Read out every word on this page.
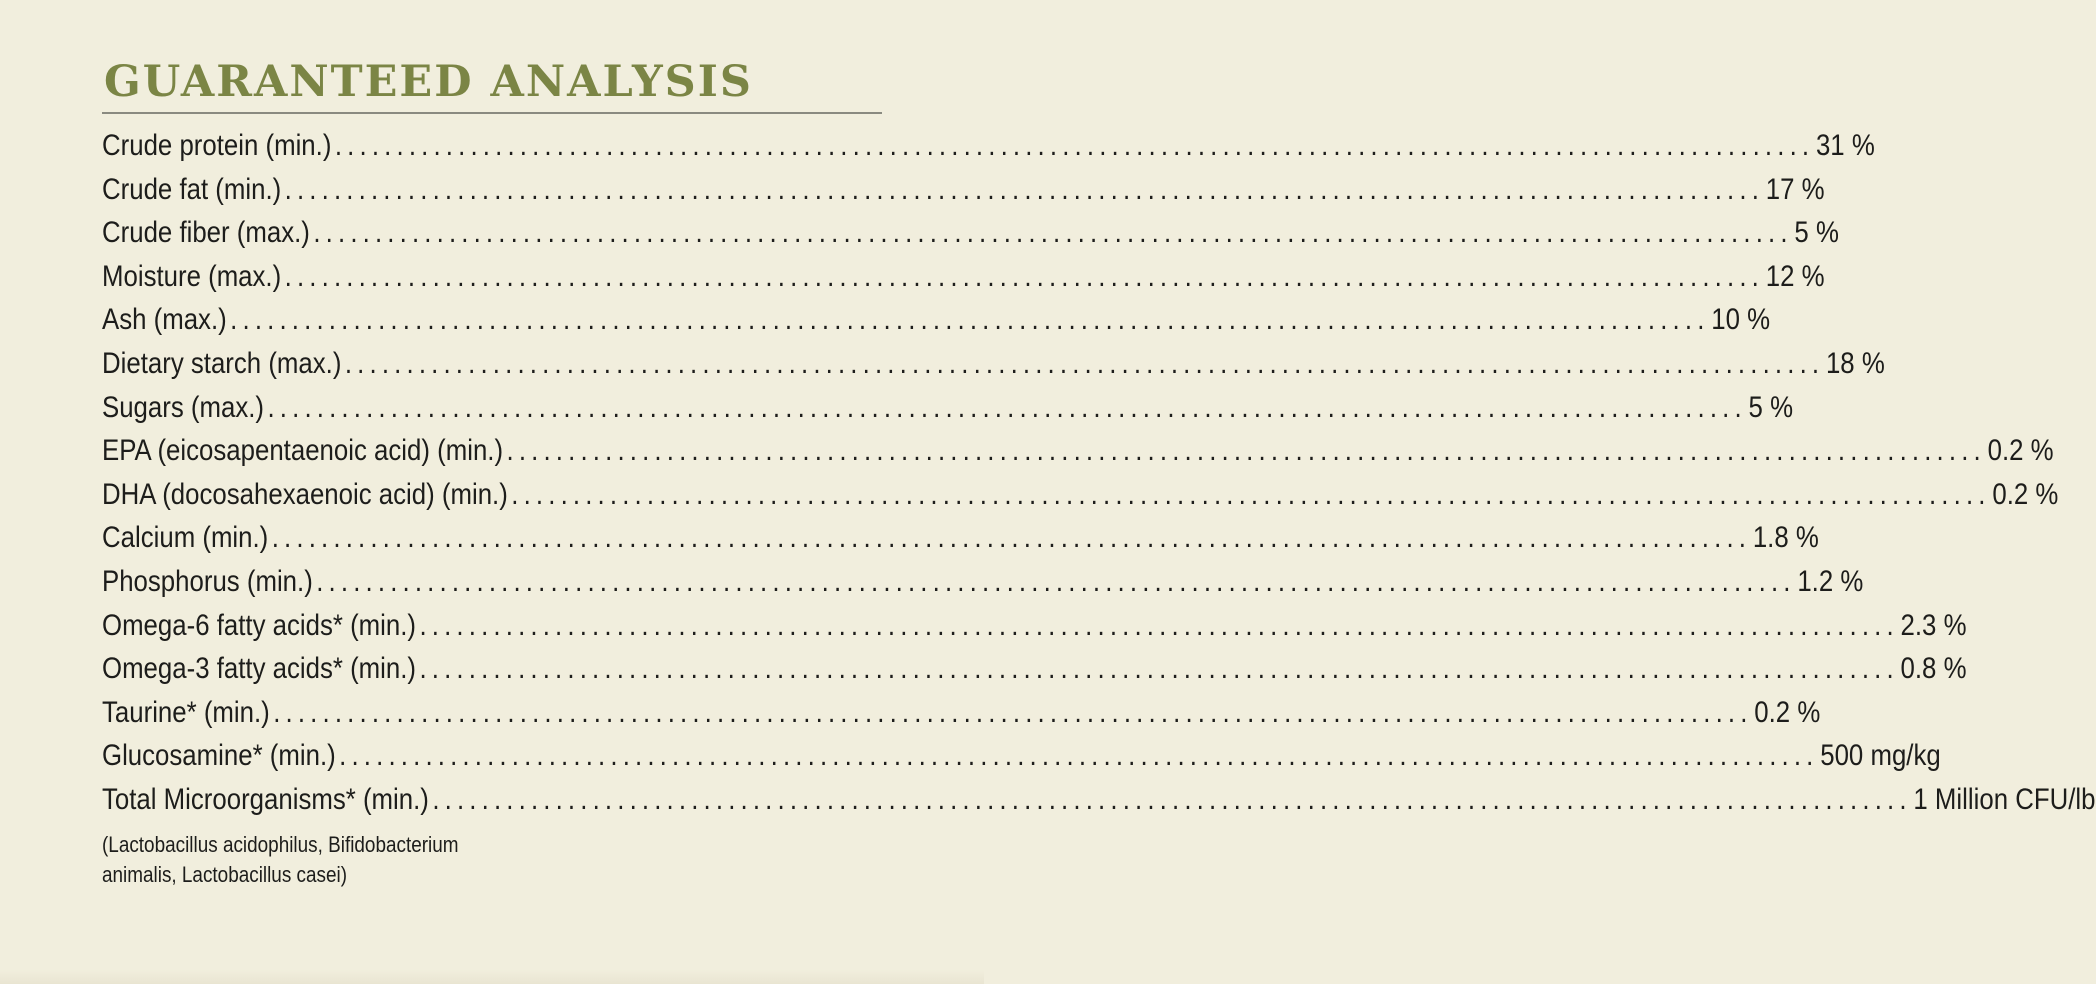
GUARANTEED ANALYSIS
Crude protein (min.) ........................................................................................................................ 31 %
Crude fat (min.) ........................................................................................................................ 17 %
Crude fiber (max.) ........................................................................................................................ 5 %
Moisture (max.) ........................................................................................................................ 12 %
Ash (max.) ........................................................................................................................ 10 %
Dietary starch (max.) ........................................................................................................................ 18 %
Sugars (max.) ........................................................................................................................ 5 %
EPA (eicosapentaenoic acid) (min.) ........................................................................................................................ 0.2 %
DHA (docosahexaenoic acid) (min.) ........................................................................................................................ 0.2 %
Calcium (min.) ........................................................................................................................ 1.8 %
Phosphorus (min.) ........................................................................................................................ 1.2 %
Omega-6 fatty acids* (min.) ........................................................................................................................ 2.3 %
Omega-3 fatty acids* (min.) ........................................................................................................................ 0.8 %
Taurine* (min.) ........................................................................................................................ 0.2 %
Glucosamine* (min.) ........................................................................................................................ 500 mg/kg
Total Microorganisms* (min.) ........................................................................................................................ 1 Million CFU/lb
(Lactobacillus acidophilus, Bifidobacterium
animalis, Lactobacillus casei)
